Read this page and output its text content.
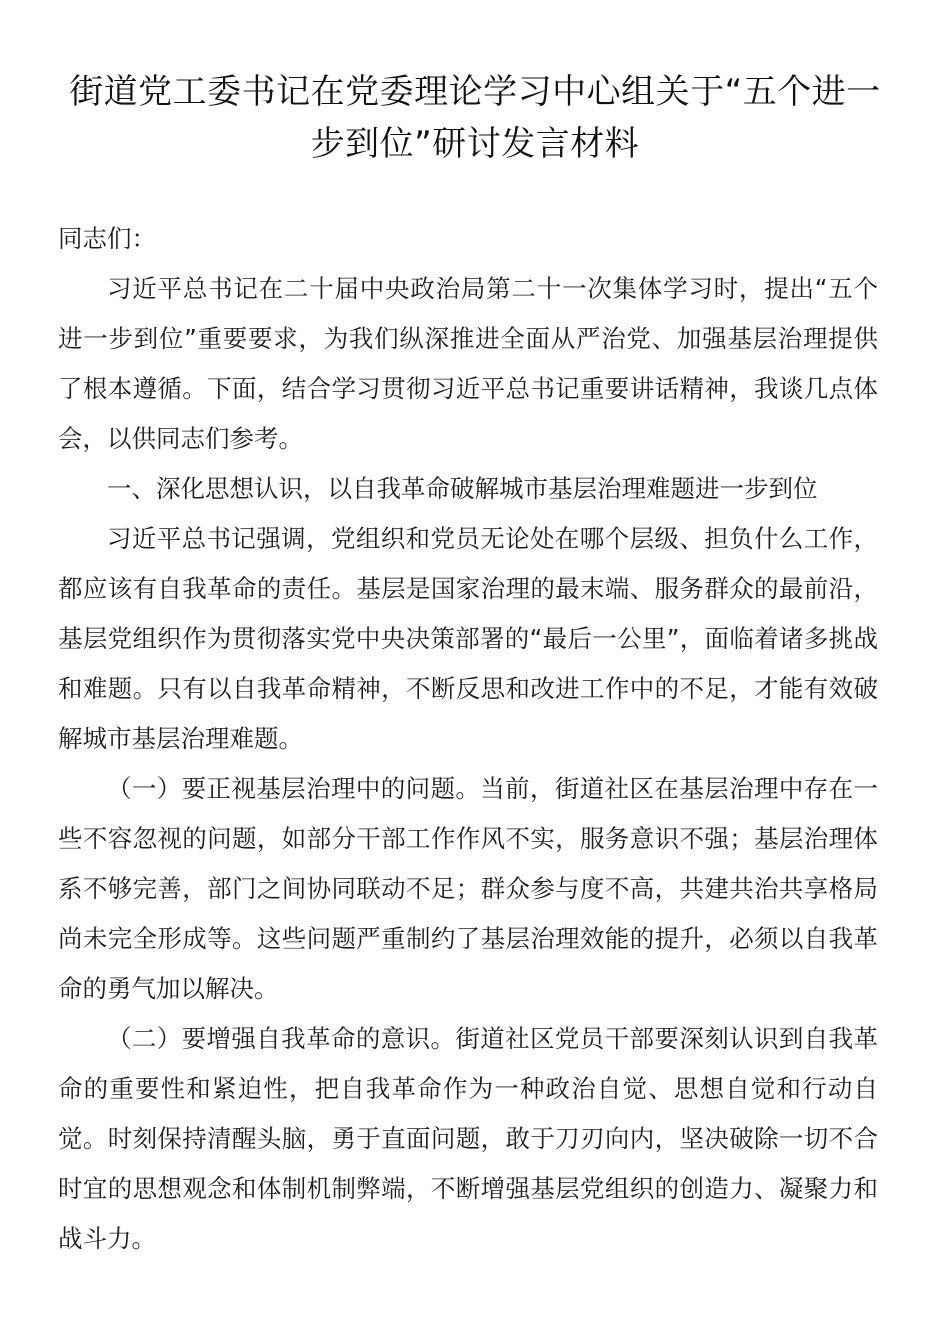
街道党工委书记在党委理论学习中心组关于“五个进一步到位”研讨发言材料

同志们：

习近平总书记在二十届中央政治局第二十一次集体学习时，提出“五个进一步到位”重要要求，为我们纵深推进全面从严治党、加强基层治理提供了根本遵循。下面，结合学习贯彻习近平总书记重要讲话精神，我谈几点体会，以供同志们参考。

一、深化思想认识，以自我革命破解城市基层治理难题进一步到位

习近平总书记强调，党组织和党员无论处在哪个层级、担负什么工作，都应该有自我革命的责任。基层是国家治理的最末端、服务群众的最前沿，基层党组织作为贯彻落实党中央决策部署的“最后一公里”，面临着诸多挑战和难题。只有以自我革命精神，不断反思和改进工作中的不足，才能有效破解城市基层治理难题。

（一）要正视基层治理中的问题。当前，街道社区在基层治理中存在一些不容忽视的问题，如部分干部工作作风不实，服务意识不强；基层治理体系不够完善，部门之间协同联动不足；群众参与度不高，共建共治共享格局尚未完全形成等。这些问题严重制约了基层治理效能的提升，必须以自我革命的勇气加以解决。

（二）要增强自我革命的意识。街道社区党员干部要深刻认识到自我革命的重要性和紧迫性，把自我革命作为一种政治自觉、思想自觉和行动自觉。时刻保持清醒头脑，勇于直面问题，敢于刀刃向内，坚决破除一切不合时宜的思想观念和体制机制弊端，不断增强基层党组织的创造力、凝聚力和战斗力。
